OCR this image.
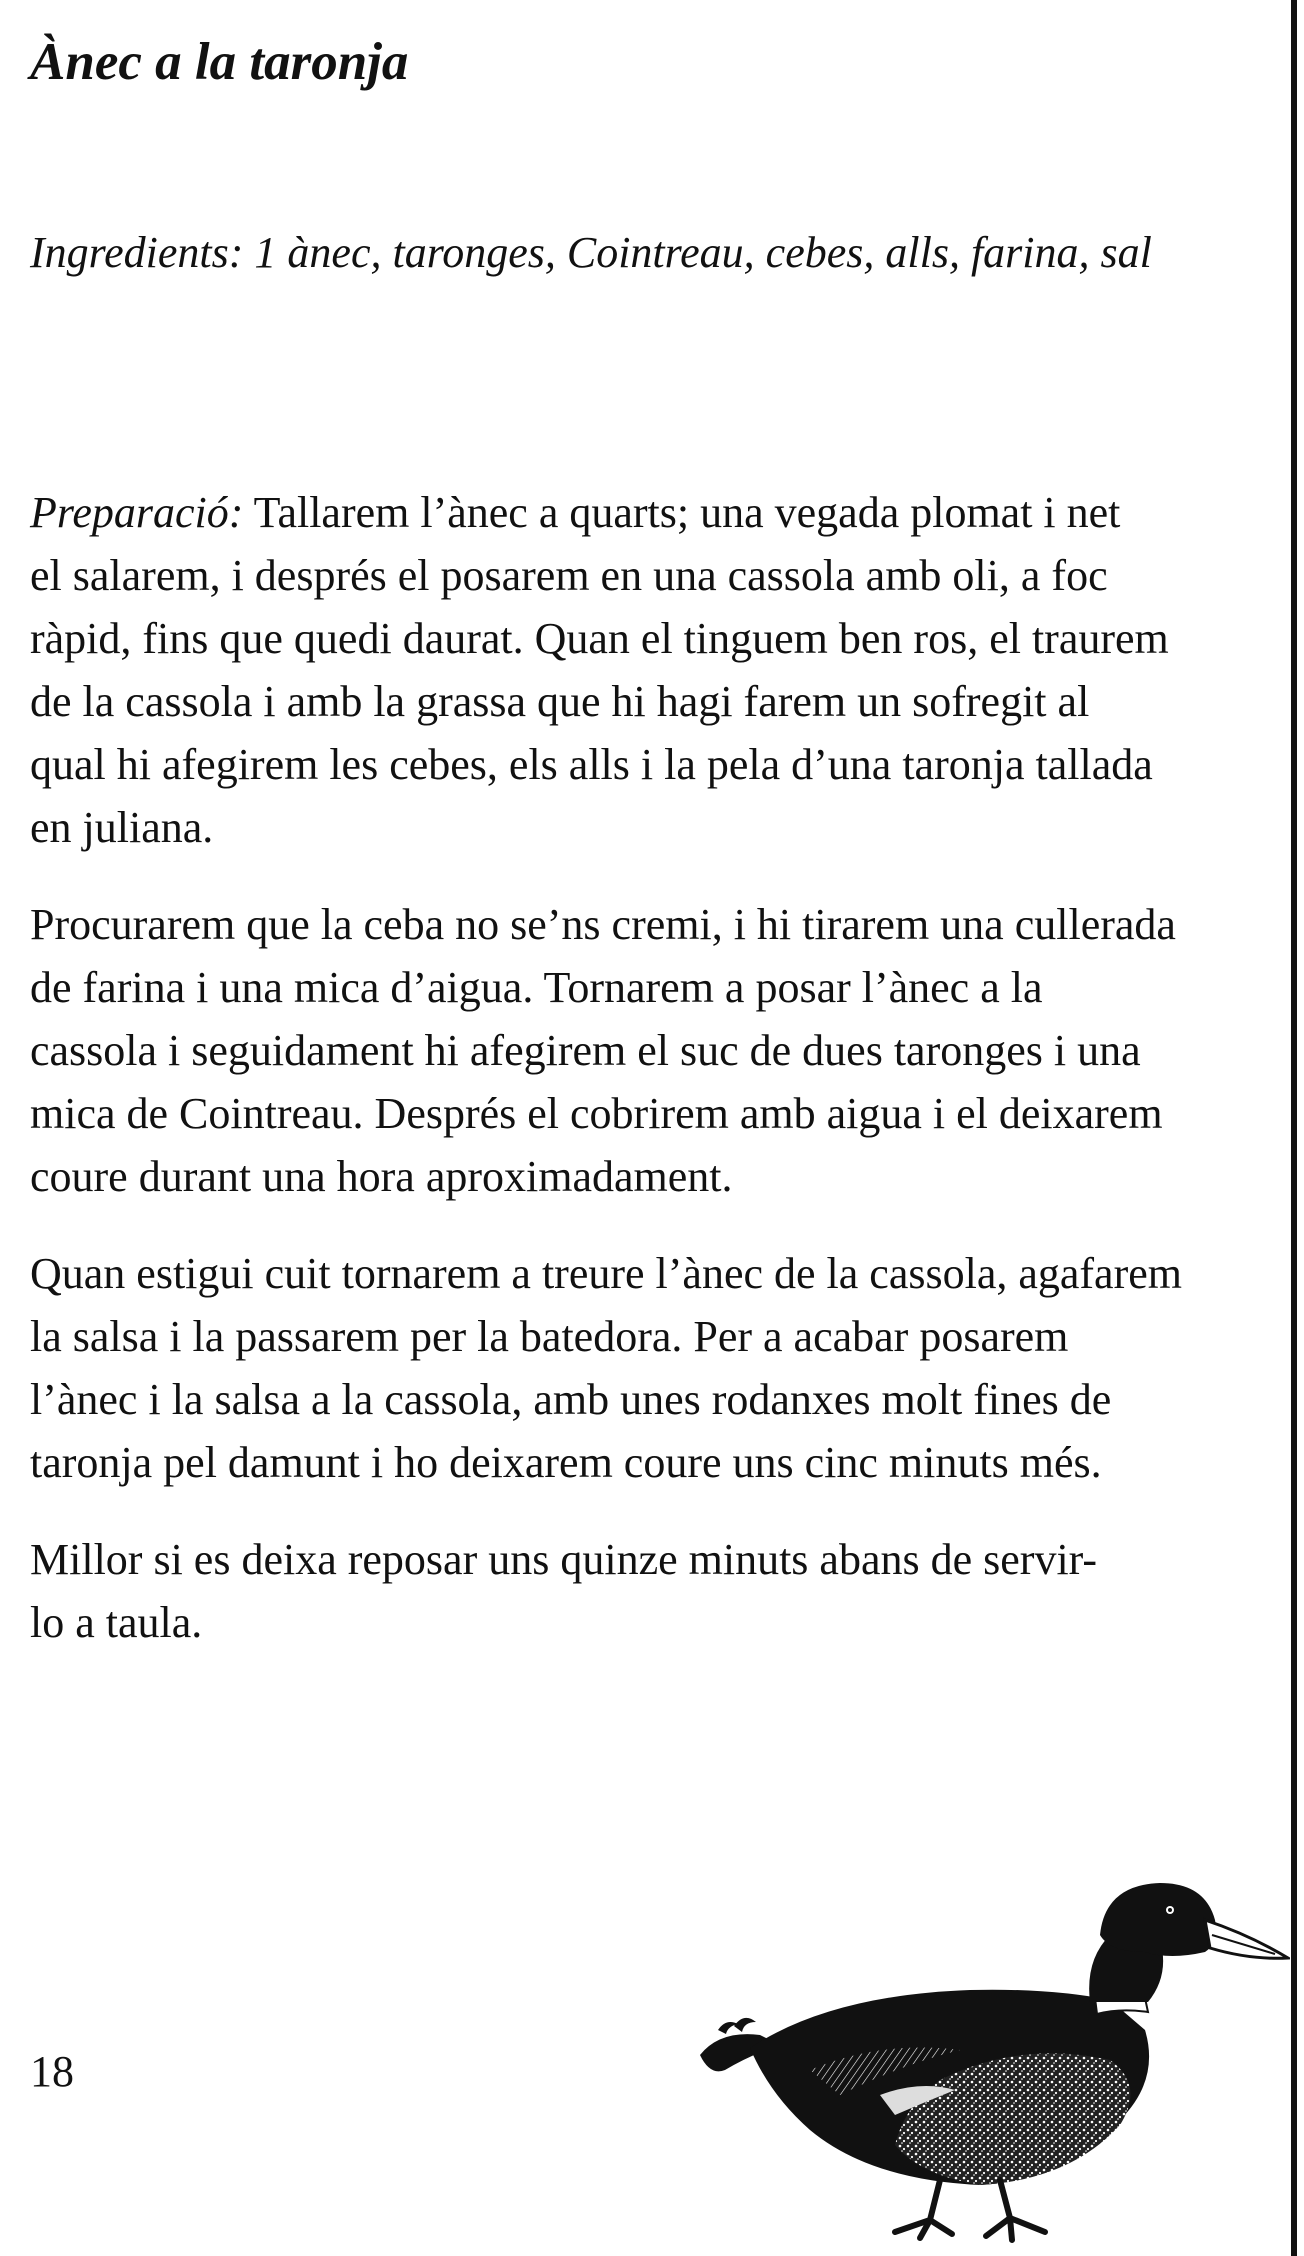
Ànec a la taronja

Ingredients: 1 ànec, taronges, Cointreau, cebes, alls, farina, sal

Preparació: Tallarem l’ànec a quarts; una vegada plomat i net
el salarem, i després el posarem en una cassola amb oli, a foc
ràpid, fins que quedi daurat. Quan el tinguem ben ros, el traurem
de la cassola i amb la grassa que hi hagi farem un sofregit al
qual hi afegirem les cebes, els alls i la pela d’una taronja tallada
en juliana.

Procurarem que la ceba no se’ns cremi, i hi tirarem una cullerada
de farina i una mica d’aigua. Tornarem a posar l’ànec a la
cassola i seguidament hi afegirem el suc de dues taronges i una
mica de Cointreau. Després el cobrirem amb aigua i el deixarem
coure durant una hora aproximadament.

Quan estigui cuit tornarem a treure l’ànec de la cassola, agafarem
la salsa i la passarem per la batedora. Per a acabar posarem
l’ànec i la salsa a la cassola, amb unes rodanxes molt fines de
taronja pel damunt i ho deixarem coure uns cinc minuts més.

Millor si es deixa reposar uns quinze minuts abans de servir-
lo a taula.

18
